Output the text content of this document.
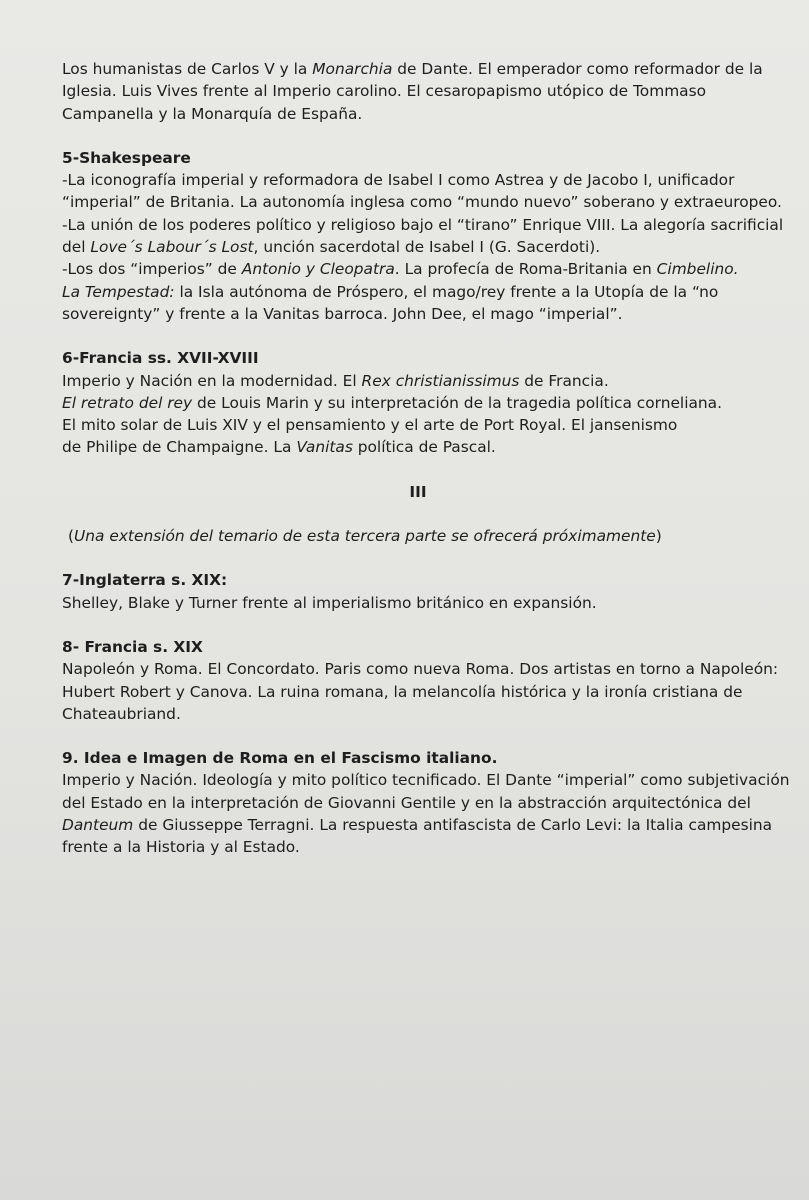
Los humanistas de Carlos V y la Monarchia de Dante. El emperador como reformador de la
Iglesia. Luis Vives frente al Imperio carolino. El cesaropapismo utópico de Tommaso
Campanella y la Monarquía de España.

5-Shakespeare

-La iconografía imperial y reformadora de Isabel I como Astrea y de Jacobo I, unificador
“imperial” de Britania. La autonomía inglesa como “mundo nuevo” soberano y extraeuropeo.
-La unión de los poderes político y religioso bajo el “tirano” Enrique VIII. La alegoría sacrificial
del Love´s Labour´s Lost, unción sacerdotal de Isabel I (G. Sacerdoti).
-Los dos “imperios” de Antonio y Cleopatra. La profecía de Roma-Britania en Cimbelino.
La Tempestad: la Isla autónoma de Próspero, el mago/rey frente a la Utopía de la “no
sovereignty” y frente a la Vanitas barroca. John Dee, el mago “imperial”.

6-Francia ss. XVII-XVIII

Imperio y Nación en la modernidad. El Rex christianissimus de Francia.
El retrato del rey de Louis Marin y su interpretación de la tragedia política corneliana.
El mito solar de Luis XIV y el pensamiento y el arte de Port Royal. El jansenismo
de Philipe de Champaigne. La Vanitas política de Pascal.

III

(Una extensión del temario de esta tercera parte se ofrecerá próximamente)

7-Inglaterra s. XIX:

Shelley, Blake y Turner frente al imperialismo británico en expansión.

8- Francia s. XIX

Napoleón y Roma. El Concordato. Paris como nueva Roma. Dos artistas en torno a Napoleón:
Hubert Robert y Canova. La ruina romana, la melancolía histórica y la ironía cristiana de
Chateaubriand.

9. Idea e Imagen de Roma en el Fascismo italiano.

Imperio y Nación. Ideología y mito político tecnificado. El Dante “imperial” como subjetivación
del Estado en la interpretación de Giovanni Gentile y en la abstracción arquitectónica del
Danteum de Giusseppe Terragni. La respuesta antifascista de Carlo Levi: la Italia campesina
frente a la Historia y al Estado.
